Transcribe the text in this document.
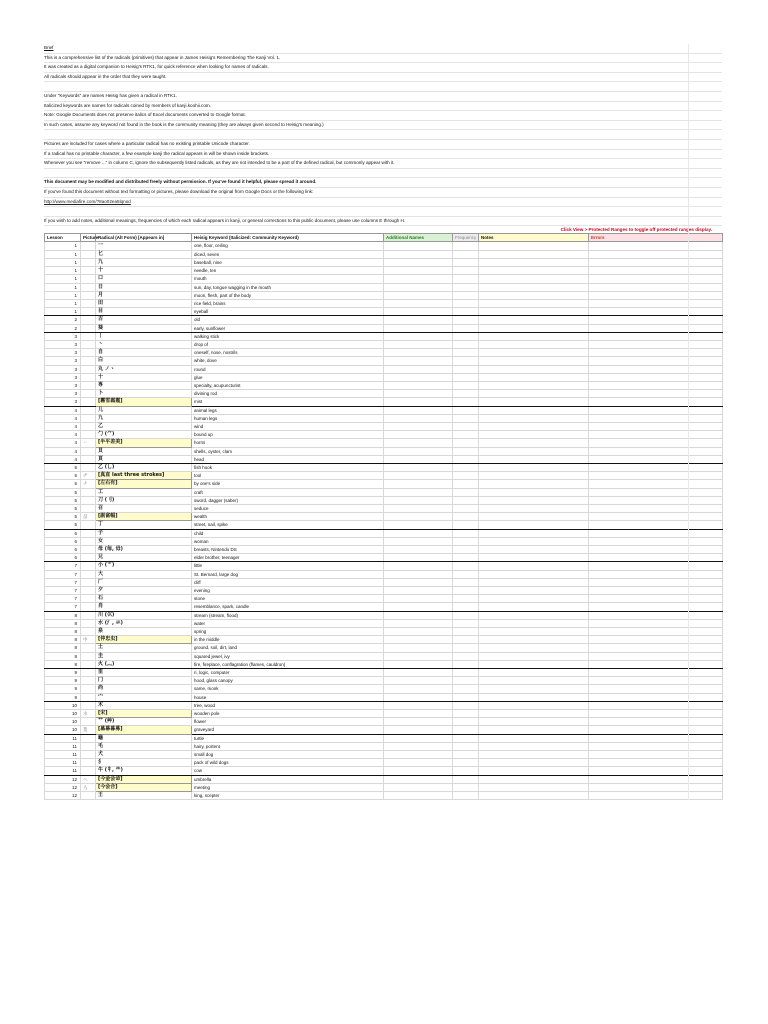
Brief
This is a comprehensive list of the radicals (primitives) that appear in James Heisig's Remembering The Kanji Vol. 1.
It was created as a digital companion to Heisig's RTK1, for quick reference when looking for names of radicals.
All radicals should appear in the order that they were taught.
Under "Keywords" are names Heisig has given a radical in RTK1.
Italicized keywords are names for radicals coined by members of kanji.koohii.com.
Note: Google Documents does not preserve italics of Excel documents converted to Google format.
In such cases, assume any keyword not found in the book is the community meaning (they are always given second to Heisig's meaning.)
Pictures are included for cases where a particular radical has no existing printable Unicode character.
If a radical has no printable character, a few example kanji the radical appears in will be shown inside brackets.
Whenever you see "remove ..." in column C, ignore the subsequently listed radicals, as they are not intended to be a part of the defined radical, but commonly appear with it.
This document may be modified and distributed freely without permission. If you've found it helpful, please spread it around.
If you've found this document without text formatting or pictures, please download the original from Google Docs or the following link:
http://www.mediafire.com/?8ao02ea5lqnod
If you wish to add notes, additional meanings, frequencies of which each radical appears in kanji, or general corrections to this public document, please use columns E through H.
Click View > Protected Ranges to toggle off protected ranges display.
Lesson	Picture	Radical (Alt Form) [Appears in]	Heisig Keyword (Italicized: Community Keyword)	Additional Names	Frequency	Notes	Errors
1		一	one, floor, ceiling				
1		匕	diced, seven				
1		九	baseball, nine				
1		十	needle, ten				
1		口	mouth				
1		日	sun, day, tongue wagging in the mouth				
1		月	moon, flesh, part of the body				
1		田	rice field, brains				
1		目	eyeball				
2		古	old				
2		葵	early, sunflower				
3		丨	walking stick				
3		丶	drop of				
3		自	oneself, nose, nostrils				
3		白	white, dove				
3		丸 ノヽ	round				
3		十	glue				
3		専	specialty, acupuncturist				
3		卜	divining rod				
3		[霧雪霜霞]	mist				
4		儿	animal legs				
4		九	human legs				
4		乙	wind				
4		勹 (⺈)	bound up				
4	丷	[半平差美]	horns				
4		貝	shells, oyster, clam				
4		頁	head				
5		乙 (乚)	fish hook				
5	ヂ	[真直 last three strokes]	tool				
5	ナ	[左右有]	by one's side				
5		工	craft				
5		刀 (刂)	sword, dagger (saber)				
5		召	seduce				
5	畐	[副富幅]	wealth				
5		丁	street, nail, spike				
6		子	child				
6		女	woman				
6		母 (毎, 毋)	breasts, Nintendo DS				
6		兄	elder brother, teenager				
7		小 (⺌)	little				
7		大	St. Bernard, large dog				
7		厂	cliff				
7		夕	evening				
7		石	stone				
7		肖	resemblance, spark, candle				
8		川 (巛)	stream (stream, flood)				
8		水 (氵, 氺)	water				
8		泉	spring				
8	中	[仲忠虫]	in the middle				
8		土	ground, soil, dirt, land				
8		圭	squared jewel, ivy				
8		火 (灬)	fire, fireplace, conflagration (flames, cauldron)				
9		里	ri, logic, computer				
9		冂	hood, glass canopy				
9		尚	same, monk				
9		宀	house				
10		木	tree, wood				
10	朩	[宋]	wooden pole				
10		艹 (艸)	flower				
10	莫	[墓幕暮募]	graveyard				
11		⻱	turtle				
11		毛	hairy, portent				
11		犬	small dog				
11		犭	pack of wild dogs				
11		牛 (牜, ⺧)	cow				
12	へ	[今金会命]	umbrella				
12	亼	[今会合]	meeting				
12		王	king, scepter				
